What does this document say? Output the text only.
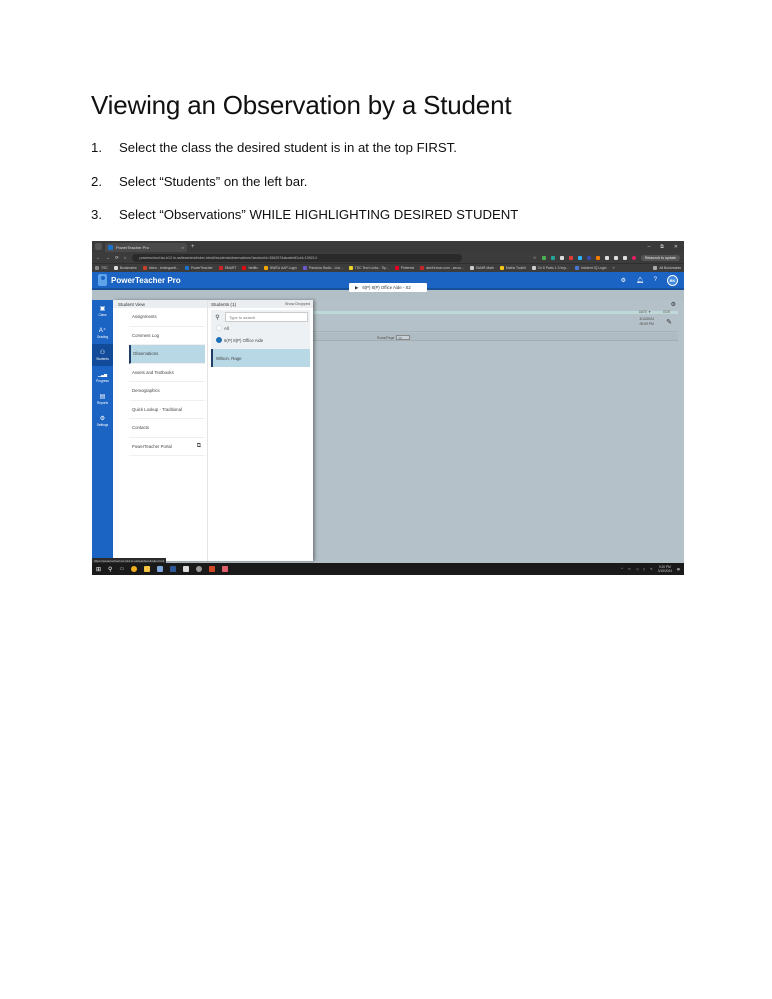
Viewing an Observation by a Student
1.	Select the class the desired student is in at the top FIRST.
2.	Select “Students” on the left bar.
3.	Select “Observations” WHILE HIGHLIGHTING DESIRED STUDENT
PowerTeacher Pro	× +	– ⧉ ✕
← → ⟳ ⌂	powerschool.tsc.k12.in.us/teachers/index.html#/students/observations?sectionId=356297&studentDcid=109214	☆	Relaunch to update
TSC	Bookmarks	Inbox - bniengardt...	PowerTeacher	SMART	Netflix	NWEA UAP Login	Pandora Radio - List...	TSC Tech Links - Tip...	Pinterest	abcKemon.com - secur...	SAMR Math	Maths Toolkit	Ch 8 Parts 1-3 Imp...	Incident IQ Login »	All Bookmarks
PowerTeacher Pro	⚙ 🔔︎ ?	BK
▶ 6(P) 8(P) Office Aide - S2
▣
Class
A⁺
Grading
⚇
Students
▁▃▅
Progress
▤
Reports
⚙
Settings
⚙
DATE ▼	EDIT
3/13/2024
09:09 PM ✎
Rows/Page	10
Student View
Assignments
Comment Log
Observations
Assets and Textbooks
Demographics
Quick Lookup - Traditional
Contacts
PowerTeacher Portal	⧉
Students (1)	Show Dropped
⚲
Type to search
All
6(P) 8(P) Office Aide
Wilson, Rage
https://powerschool.tsc.k12.in.us/teachers/index.html
⊞ ⚲ ▭	^ ▭ ◁ ▯ ✎	9:20 PM
3/15/2024 ▤
